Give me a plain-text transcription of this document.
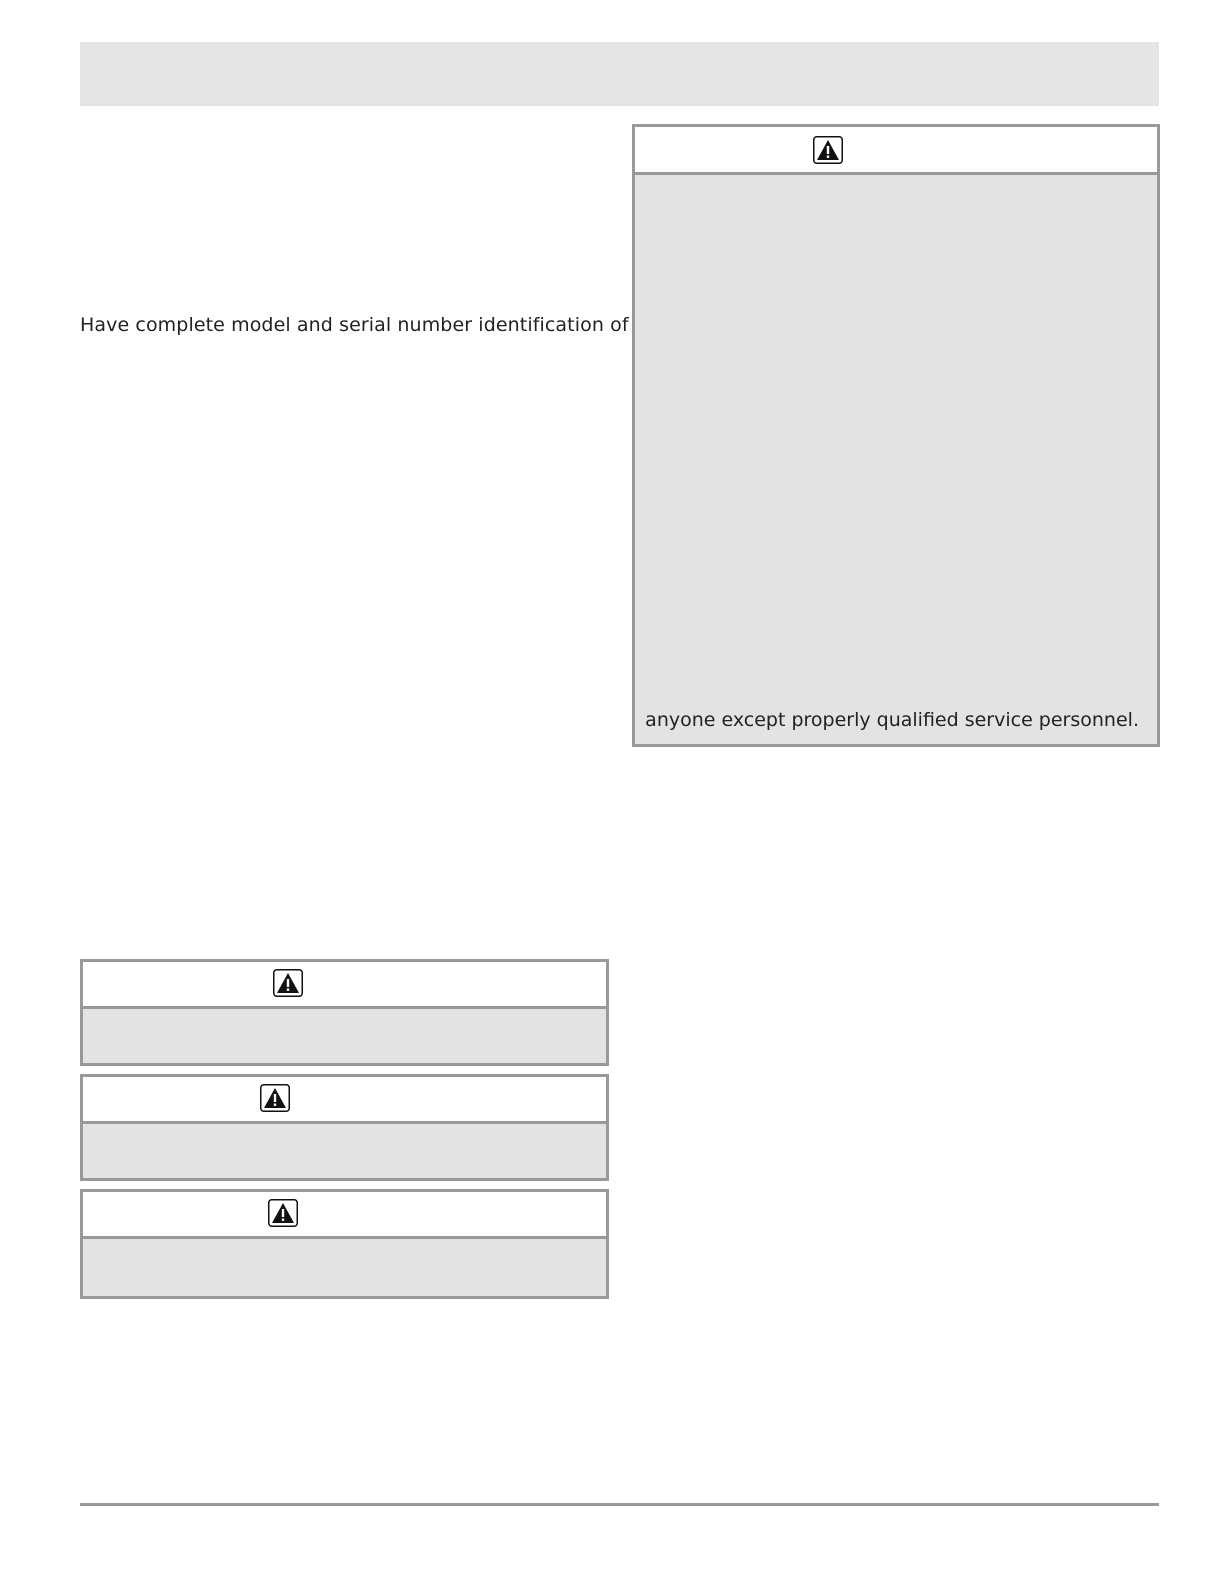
Have complete model and serial number identification of
anyone except properly qualified service personnel.
